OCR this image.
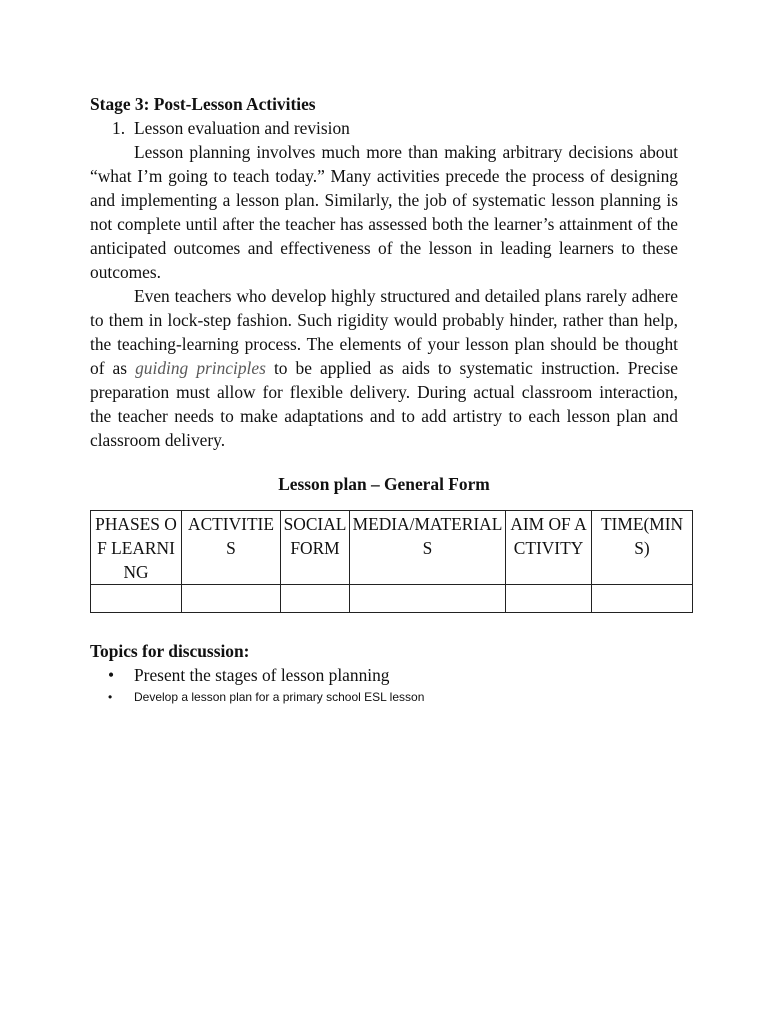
Stage 3: Post-Lesson Activities

1. Lesson evaluation and revision

Lesson planning involves much more than making arbitrary decisions about “what I’m going to teach today.” Many activities precede the process of designing and implementing a lesson plan. Similarly, the job of systematic lesson planning is not complete until after the teacher has assessed both the learner’s attainment of the anticipated outcomes and effectiveness of the lesson in leading learners to these outcomes.

Even teachers who develop highly structured and detailed plans rarely adhere to them in lock-step fashion. Such rigidity would probably hinder, rather than help, the teaching-learning process. The elements of your lesson plan should be thought of as guiding principles to be applied as aids to systematic instruction. Precise preparation must allow for flexible delivery. During actual classroom interaction, the teacher needs to make adaptations and to add artistry to each lesson plan and classroom delivery.

Lesson plan – General Form

PHASES OF LEARNING	ACTIVITIES	SOCIAL FORM	MEDIA/MATERIALS	AIM OF ACTIVITY	TIME(MINS)

Topics for discussion:

• Present the stages of lesson planning
• Develop a lesson plan for a primary school ESL lesson
